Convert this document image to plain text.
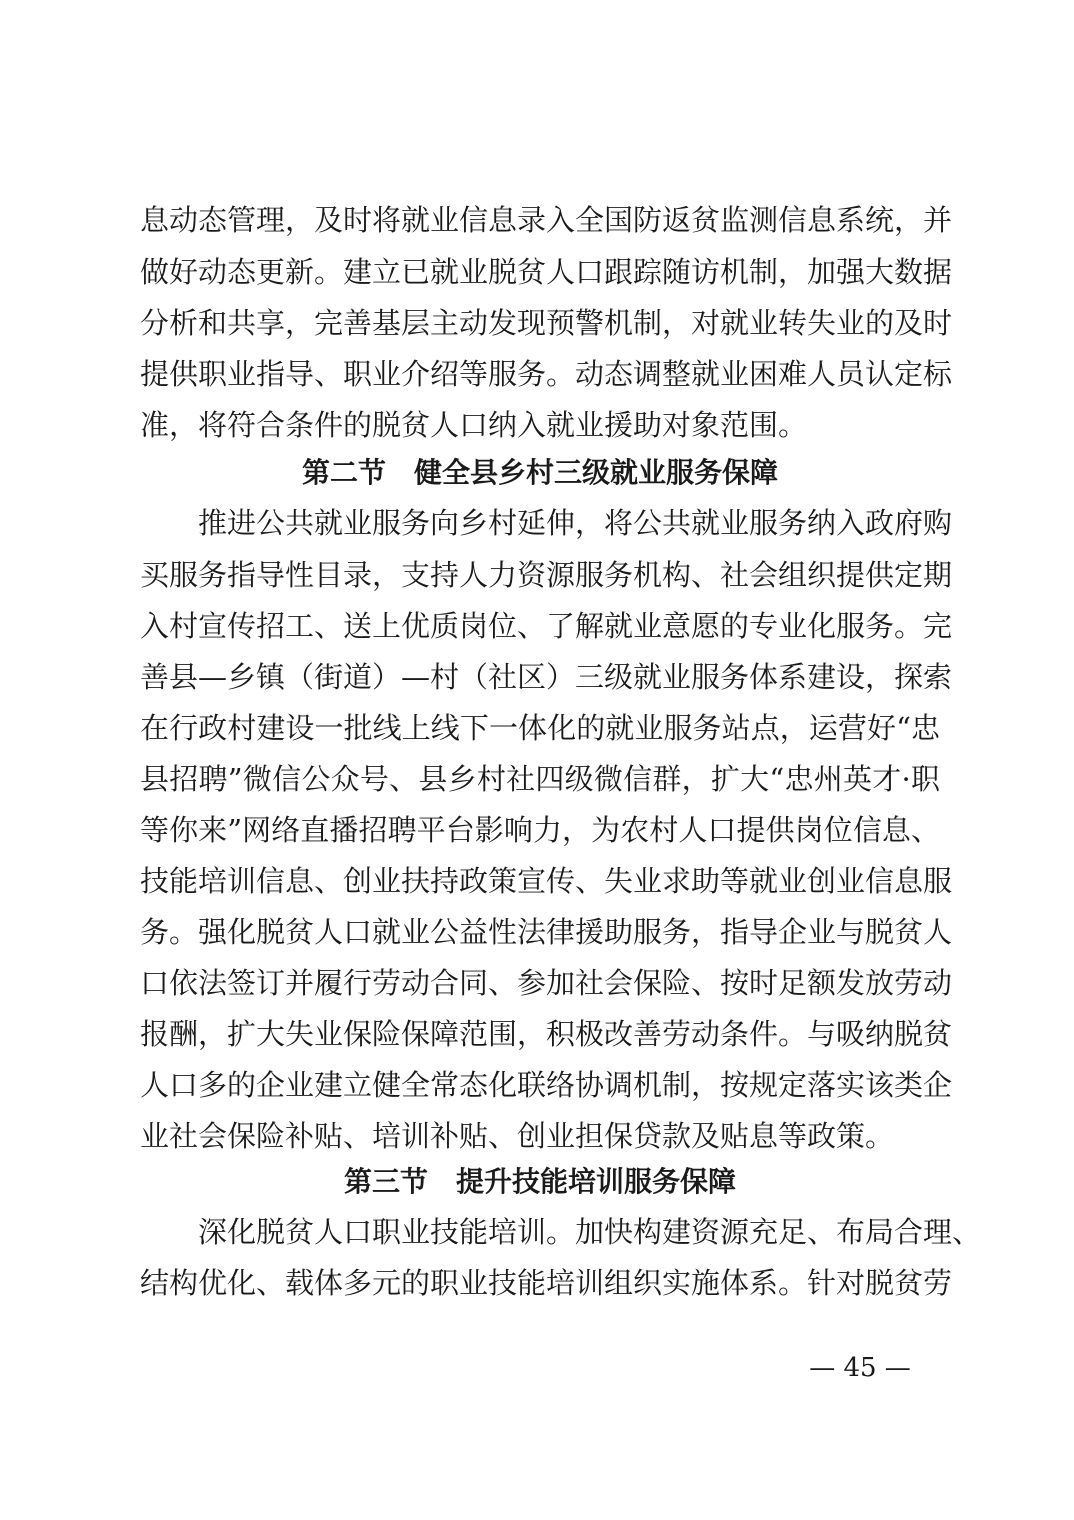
息动态管理，及时将就业信息录入全国防返贫监测信息系统，并
做好动态更新。建立已就业脱贫人口跟踪随访机制，加强大数据
分析和共享，完善基层主动发现预警机制，对就业转失业的及时
提供职业指导、职业介绍等服务。动态调整就业困难人员认定标
准，将符合条件的脱贫人口纳入就业援助对象范围。
第二节 健全县乡村三级就业服务保障
　　推进公共就业服务向乡村延伸，将公共就业服务纳入政府购
买服务指导性目录，支持人力资源服务机构、社会组织提供定期
入村宣传招工、送上优质岗位、了解就业意愿的专业化服务。完
善县—乡镇（街道）—村（社区）三级就业服务体系建设，探索
在行政村建设一批线上线下一体化的就业服务站点，运营好“忠
县招聘”微信公众号、县乡村社四级微信群，扩大“忠州英才·职
等你来”网络直播招聘平台影响力，为农村人口提供岗位信息、
技能培训信息、创业扶持政策宣传、失业求助等就业创业信息服
务。强化脱贫人口就业公益性法律援助服务，指导企业与脱贫人
口依法签订并履行劳动合同、参加社会保险、按时足额发放劳动
报酬，扩大失业保险保障范围，积极改善劳动条件。与吸纳脱贫
人口多的企业建立健全常态化联络协调机制，按规定落实该类企
业社会保险补贴、培训补贴、创业担保贷款及贴息等政策。
第三节 提升技能培训服务保障
　　深化脱贫人口职业技能培训。加快构建资源充足、布局合理、
结构优化、载体多元的职业技能培训组织实施体系。针对脱贫劳
— 45 —
